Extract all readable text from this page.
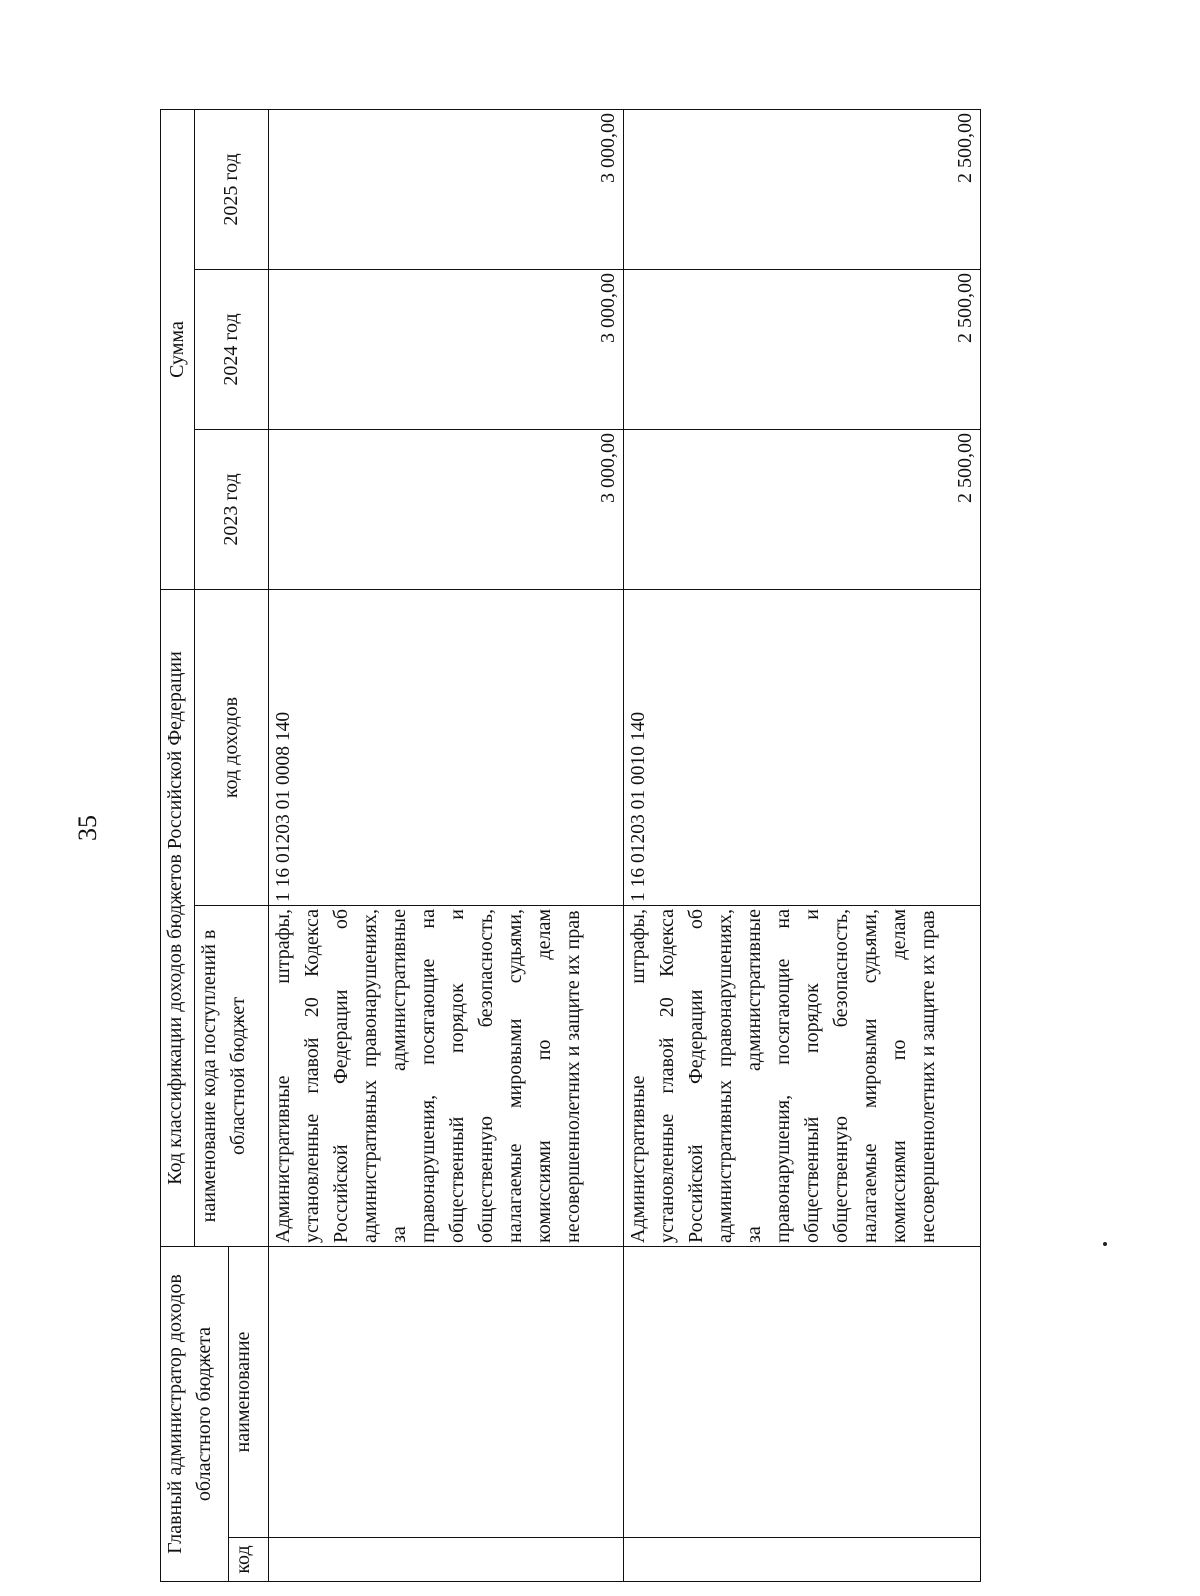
35
Главный администратор доходов областного бюджета		Код классификации доходов бюджетов Российской Федерации		Сумма		
		наименование кода поступлений в областной бюджет	код доходов	2023 год	2024 год	2025 год
код	наименование					
		Административные штрафы, установленные главой 20 Кодекса Российской Федерации об административных правонарушениях, за административные правонарушения, посягающие на общественный порядок и общественную безопасность, налагаемые мировыми судьями, комиссиями по делам несовершеннолетних и защите их прав	1 16 01203 01 0008 140	3 000,00	3 000,00	3 000,00
		Административные штрафы, установленные главой 20 Кодекса Российской Федерации об административных правонарушениях, за административные правонарушения, посягающие на общественный порядок и общественную безопасность, налагаемые мировыми судьями, комиссиями по делам несовершеннолетних и защите их прав	1 16 01203 01 0010 140	2 500,00	2 500,00	2 500,00
